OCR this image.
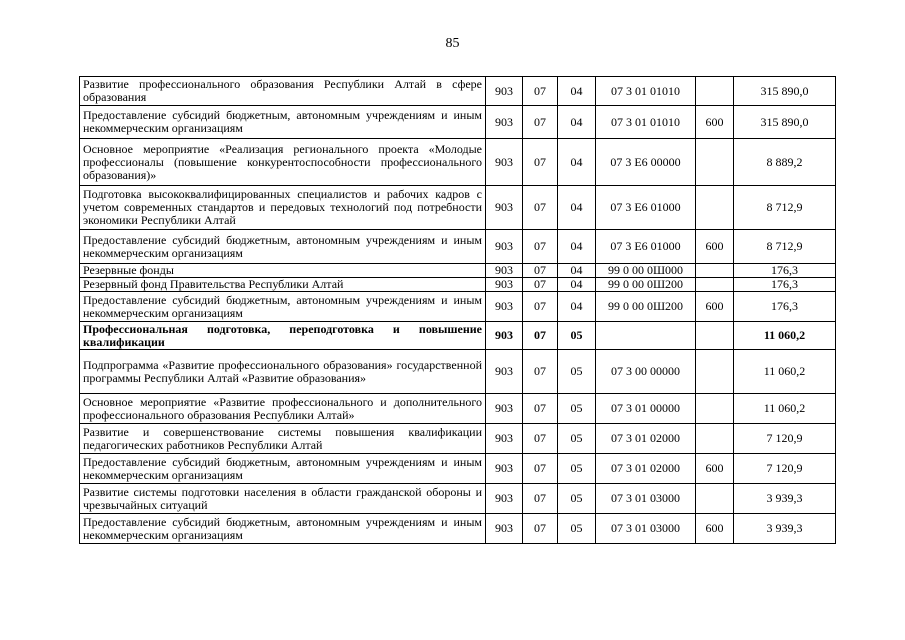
85
Развитие профессионального образования Республики Алтай в сфере образования	903	07	04	07 3 01 01010		315 890,0
Предоставление субсидий бюджетным, автономным учреждениям и иным некоммерческим организациям	903	07	04	07 3 01 01010	600	315 890,0
Основное мероприятие «Реализация регионального проекта «Молодые профессионалы (повышение конкурентоспособности профессионального образования)»	903	07	04	07 3 E6 00000		8 889,2
Подготовка высококвалифицированных специалистов и рабочих кадров с учетом современных стандартов и передовых технологий под потребности экономики Республики Алтай	903	07	04	07 3 E6 01000		8 712,9
Предоставление субсидий бюджетным, автономным учреждениям и иным некоммерческим организациям	903	07	04	07 3 E6 01000	600	8 712,9
Резервные фонды	903	07	04	99 0 00 0Ш000		176,3
Резервный фонд Правительства Республики Алтай	903	07	04	99 0 00 0Ш200		176,3
Предоставление субсидий бюджетным, автономным учреждениям и иным некоммерческим организациям	903	07	04	99 0 00 0Ш200	600	176,3
Профессиональная подготовка, переподготовка и повышение квалификации	903	07	05			11 060,2
Подпрограмма «Развитие профессионального образования» государственной программы Республики Алтай «Развитие образования»	903	07	05	07 3 00 00000		11 060,2
Основное мероприятие «Развитие профессионального и дополнительного профессионального образования Республики Алтай»	903	07	05	07 3 01 00000		11 060,2
Развитие и совершенствование системы повышения квалификации педагогических работников Республики Алтай	903	07	05	07 3 01 02000		7 120,9
Предоставление субсидий бюджетным, автономным учреждениям и иным некоммерческим организациям	903	07	05	07 3 01 02000	600	7 120,9
Развитие системы подготовки населения в области гражданской обороны и чрезвычайных ситуаций	903	07	05	07 3 01 03000		3 939,3
Предоставление субсидий бюджетным, автономным учреждениям и иным некоммерческим организациям	903	07	05	07 3 01 03000	600	3 939,3
